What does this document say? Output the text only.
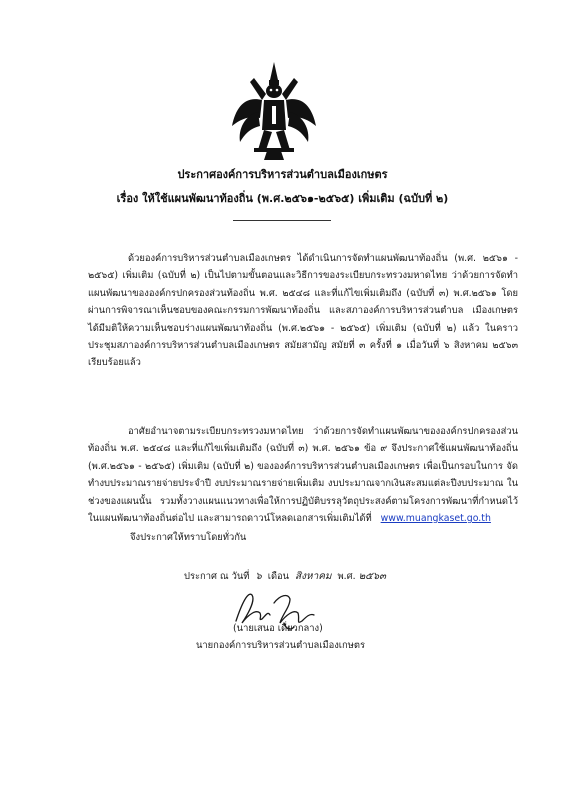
ประกาศองค์การบริหารส่วนตำบลเมืองเกษตร
เรื่อง ให้ใช้แผนพัฒนาท้องถิ่น (พ.ศ.๒๕๖๑-๒๕๖๕) เพิ่มเติม (ฉบับที่ ๒)

ด้วยองค์การบริหารส่วนตำบลเมืองเกษตร ได้ดำเนินการจัดทำแผนพัฒนาท้องถิ่น (พ.ศ. ๒๕๖๑ - ๒๕๖๕) เพิ่มเติม (ฉบับที่ ๒) เป็นไปตามขั้นตอนและวิธีการของระเบียบกระทรวงมหาดไทย ว่าด้วยการจัดทำแผนพัฒนาขององค์กรปกครองส่วนท้องถิ่น พ.ศ. ๒๕๔๘ และที่แก้ไขเพิ่มเติมถึง (ฉบับที่ ๓) พ.ศ.๒๕๖๑ โดยผ่านการพิจารณาเห็นชอบของคณะกรรมการพัฒนาท้องถิ่น และสภาองค์การบริหารส่วนตำบล เมืองเกษตร ได้มีมติให้ความเห็นชอบร่างแผนพัฒนาท้องถิ่น (พ.ศ.๒๕๖๑ - ๒๕๖๕) เพิ่มเติม (ฉบับที่ ๒) แล้ว ในคราวประชุมสภาองค์การบริหารส่วนตำบลเมืองเกษตร สมัยสามัญ สมัยที่ ๓ ครั้งที่ ๑ เมื่อวันที่ ๖ สิงหาคม ๒๕๖๓ เรียบร้อยแล้ว

อาศัยอำนาจตามระเบียบกระทรวงมหาดไทย ว่าด้วยการจัดทำแผนพัฒนาขององค์กรปกครองส่วน ท้องถิ่น พ.ศ. ๒๕๔๘ และที่แก้ไขเพิ่มเติมถึง (ฉบับที่ ๓) พ.ศ. ๒๕๖๑ ข้อ ๙ จึงประกาศใช้แผนพัฒนาท้องถิ่น (พ.ศ.๒๕๖๑ - ๒๕๖๕) เพิ่มเติม (ฉบับที่ ๒) ขององค์การบริหารส่วนตำบลเมืองเกษตร เพื่อเป็นกรอบในการ จัดทำงบประมาณรายจ่ายประจำปี งบประมาณรายจ่ายเพิ่มเติม งบประมาณจากเงินสะสมแต่ละปีงบประมาณ ในช่วงของแผนนั้น รวมทั้งวางแผนแนวทางเพื่อให้การปฏิบัติบรรลุวัตถุประสงค์ตามโครงการพัฒนาที่กำหนดไว้ ในแผนพัฒนาท้องถิ่นต่อไป และสามารถดาวน์โหลดเอกสารเพิ่มเติมได้ที่ www.muangkaset.go.th

จึงประกาศให้ทราบโดยทั่วกัน

ประกาศ ณ วันที่ ๖ เดือน สิงหาคม พ.ศ. ๒๕๖๓
(นายเสนอ เดี่ยวกลาง)
นายกองค์การบริหารส่วนตำบลเมืองเกษตร
